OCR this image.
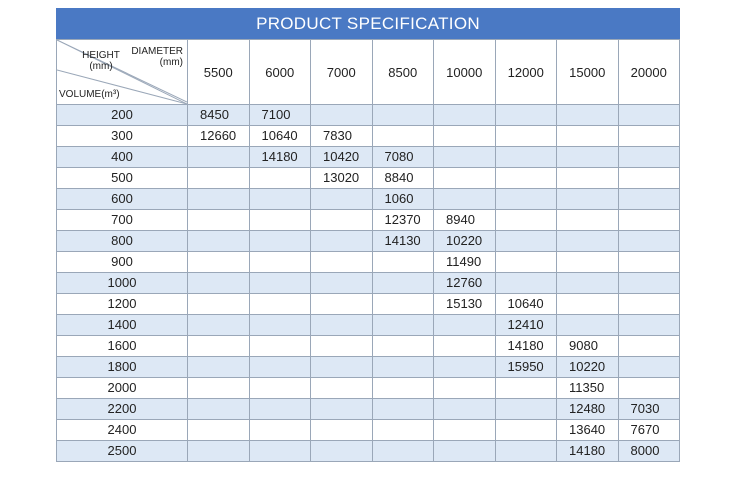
PRODUCT SPECIFICATION
HEIGHT
(mm)
DIAMETER
(mm)
VOLUME(m³)	5500	6000	7000	8500	10000	12000	15000	20000
200	8450	7100						
300	12660	10640	7830					
400		14180	10420	7080				
500			13020	8840				
600				1060				
700				12370	8940			
800				14130	10220			
900					11490			
1000					12760			
1200					15130	10640		
1400						12410		
1600						14180	9080	
1800						15950	10220	
2000							11350	
2200							12480	7030
2400							13640	7670
2500							14180	8000
